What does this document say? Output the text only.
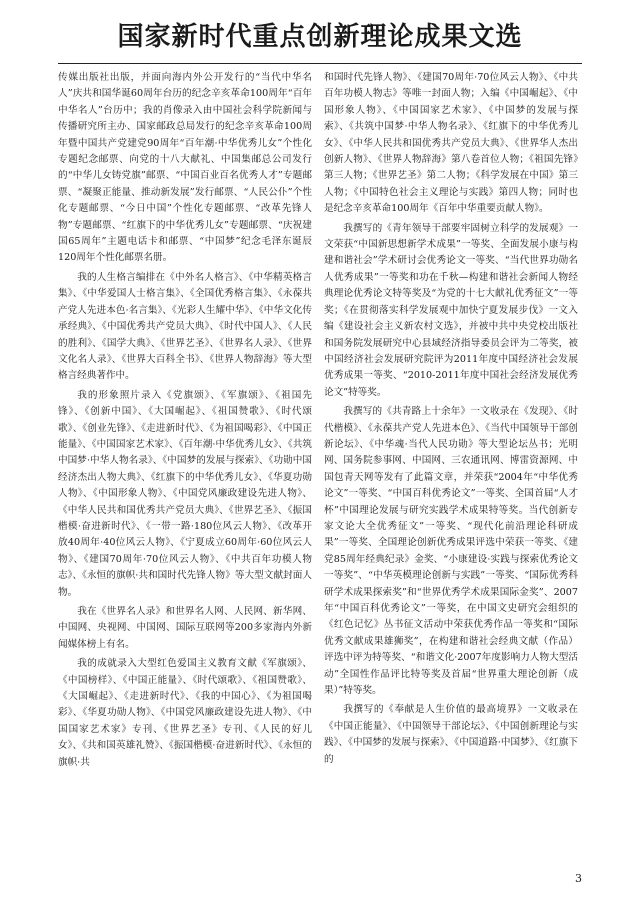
国家新时代重点创新理论成果文选

传媒出版社出版，并面向海内外公开发行的“当代中华名人”庆共和国华诞60周年台历的纪念辛亥革命100周年“百年中华名人”台历中；我的肖像录入由中国社会科学院新闻与传播研究所主办、国家邮政总局发行的纪念辛亥革命100周年暨中国共产党建党90周年“百年潮·中华优秀儿女”个性化专题纪念邮票、向党的十八大献礼、中国集邮总公司发行的“中华儿女铸党旗”邮票、“中国百业百名优秀人才”专题邮票、“凝聚正能量、推动新发展”发行邮票、“人民公仆”个性化专题邮票、“今日中国”个性化专题邮票、“改革先锋人物”专题邮票、“红旗下的中华优秀儿女”专题邮票、“庆祝建国65周年”主题电话卡和邮票、“中国梦”纪念毛泽东诞辰120周年个性化邮票名册。

我的人生格言编排在《中外名人格言》、《中华精英格言集》、《中华爱国人士格言集》、《全国优秀格言集》、《永葆共产党人先进本色·名言集》、《光彩人生耀中华》、《中华文化传承经典》、《中国优秀共产党员大典》、《时代中国人》、《人民的胜利》、《国学大典》、《世界艺圣》、《世界名人录》、《世界文化名人录》、《世界大百科全书》、《世界人物辞海》等大型格言经典著作中。

我的形象照片录入《党旗颂》、《军旗颂》、《祖国先锋》、《创新中国》、《大国崛起》、《祖国赞歌》、《时代颂歌》、《创业先锋》、《走进新时代》、《为祖国喝彩》、《中国正能量》、《中国国家艺术家》、《百年潮·中华优秀儿女》、《共筑中国梦·中华人物名录》、《中国梦的发展与探索》、《功勋中国经济杰出人物大典》、《红旗下的中华优秀儿女》、《华夏功勋人物》、《中国形象人物》、《中国党风廉政建设先进人物》、《中华人民共和国优秀共产党员大典》、《世界艺圣》、《振国楷模·奋进新时代》、《一带一路·180位风云人物》、《改革开放40周年·40位风云人物》、《宁夏成立60周年·60位风云人物》、《建国70周年·70位风云人物》、《中共百年功模人物志》、《永恒的旗帜·共和国时代先锋人物》等大型文献封面人物。

我在《世界名人录》和世界名人网、人民网、新华网、中国网、央视网、中国网、国际互联网等200多家海内外新闻媒体榜上有名。

我的成就录入大型红色爱国主义教育文献《军旗颂》、《中国榜样》、《中国正能量》、《时代颂歌》、《祖国赞歌》、《大国崛起》、《走进新时代》、《我的中国心》、《为祖国喝彩》、《华夏功勋人物》、《中国党风廉政建设先进人物》、《中国国家艺术家》专刊、《世界艺圣》专刊、《人民的好儿女》、《共和国英雄礼赞》、《振国楷模·奋进新时代》、《永恒的旗帜·共

和国时代先锋人物》、《建国70周年·70位风云人物》、《中共百年功模人物志》等唯一封面人物；入编《中国崛起》、《中国形象人物》、《中国国家艺术家》、《中国梦的发展与探索》、《共筑中国梦·中华人物名录》、《红旗下的中华优秀儿女》、《中华人民共和国优秀共产党员大典》、《世界华人杰出创新人物》、《世界人物辞海》第八卷首位人物；《祖国先锋》第三人物；《世界艺圣》第二人物；《科学发展在中国》第三人物；《中国特色社会主义理论与实践》第四人物；同时也是纪念辛亥革命100周年《百年中华重要贡献人物》。

我撰写的《青年领导干部要牢固树立科学的发展观》一文荣获“中国新思想新学术成果”一等奖、全面发展小康与构建和谐社会”学术研讨会优秀论文一等奖、“当代世界功勋名人优秀成果”一等奖和功在千秋—构建和谐社会新闻人物经典理论优秀论文特等奖及“为党的十七大献礼优秀征文”一等奖；《在贯彻落实科学发展观中加快宁夏发展步伐》一文入编《建设社会主义新农村文选》，并被中共中央党校出版社和国务院发展研究中心县域经济指导委员会评为二等奖，被中国经济社会发展研究院评为2011年度中国经济社会发展优秀成果一等奖、“2010-2011年度中国社会经济发展优秀论文”特等奖。

我撰写的《共青路上十余年》一文收录在《发现》、《时代楷模》、《永葆共产党人先进本色》、《当代中国领导干部创新论坛》、《中华魂·当代人民功勋》等大型论坛丛书；光明网、国务院参事网、中国网、三农通讯网、博雷资源网、中国包青天网等发有了此篇文章，并荣获“2004年“中华优秀论文”一等奖、“中国百科优秀论文”一等奖、全国首届“人才杯”中国理论发展与研究实践学术成果特等奖。当代创新专家文论大全优秀征文”一等奖、“现代化前沿理论科研成果”一等奖、全国理论创新优秀成果评选中荣获一等奖、《建党85周年经典纪录》金奖、“小康建设·实践与探索优秀论文一等奖”、“中华英模理论创新与实践”一等奖、“国际优秀科研学术成果探索奖”和“世界优秀学术成果国际金奖”、2007年“中国百科优秀论文”一等奖，在中国文史研究会组织的《红色记忆》丛书征文活动中荣获优秀作品一等奖和“国际优秀文献成果雄狮奖”，在构建和谐社会经典文献（作品）评选中评为特等奖、“和谐文化·2007年度影响力人物大型活动”全国性作品评比特等奖及首届“世界重大理论创新（成果）”特等奖。

我撰写的《奉献是人生价值的最高境界》一文收录在《中国正能量》、《中国领导干部论坛》、《中国创新理论与实践》、《中国梦的发展与探索》、《中国道路·中国梦》、《红旗下的

3
